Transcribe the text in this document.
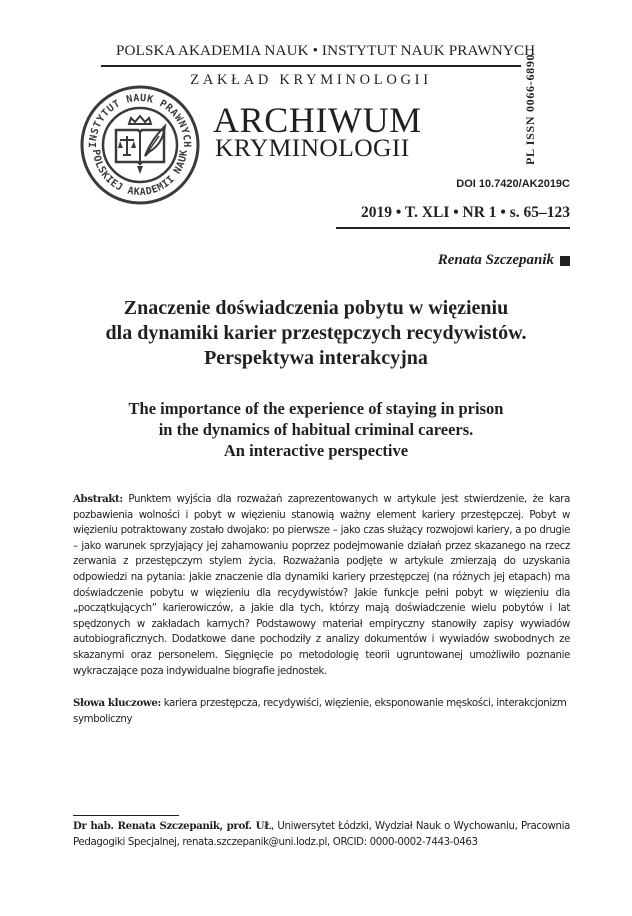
POLSKA AKADEMIA NAUK • INSTYTUT NAUK PRAWNYCH
ZAKŁAD KRYMINOLOGII
INSTYTUT NAUK PRAWNYCH
POLSKIEJ AKADEMII NAUK
ARCHIWUM
KRYMINOLOGII	PL ISSN 0066-6890
DOI 10.7420/AK2019C
2019 • T. XLI • NR 1 • s. 65–123
Renata Szczepanik
Znaczenie doświadczenia pobytu w więzieniu
dla dynamiki karier przestępczych recydywistów.
Perspektywa interakcyjna
The importance of the experience of staying in prison
in the dynamics of habitual criminal careers.
An interactive perspective
Abstrakt: Punktem wyjścia dla rozważań zaprezentowanych w artykule jest stwierdzenie, że kara pozbawienia wolności i pobyt w więzieniu stanowią ważny element kariery przestępczej. Pobyt w więzieniu potraktowany zostało dwojako: po pierwsze – jako czas służący rozwojowi kariery, a po drugie – jako warunek sprzyjający jej zahamowaniu poprzez podejmowanie działań przez skazanego na rzecz zerwania z przestępczym stylem życia. Rozważania podjęte w artykule zmierzają do uzyskania odpowiedzi na pytania: jakie znaczenie dla dynamiki kariery przestępczej (na różnych jej etapach) ma doświadczenie pobytu w więzieniu dla recydywistów? Jakie funkcje pełni pobyt w więzieniu dla „początkujących” karierowiczów, a jakie dla tych, którzy mają doświadczenie wielu pobytów i lat spędzonych w zakładach karnych? Podstawowy materiał empiryczny stanowiły zapisy wywiadów autobiograficznych. Dodatkowe dane pochodziły z analizy dokumentów i wywiadów swobodnych ze skazanymi oraz personelem. Sięgnięcie po metodologię teorii ugruntowanej umożliwiło poznanie wykraczające poza indywidualne biografie jednostek.
Słowa kluczowe: kariera przestępcza, recydywiści, więzienie, eksponowanie męskości, interakcjonizm symboliczny
Dr hab. Renata Szczepanik, prof. UŁ, Uniwersytet Łódzki, Wydział Nauk o Wychowaniu, Pracownia Pedagogiki Specjalnej, renata.szczepanik@uni.lodz.pl, ORCID: 0000-0002-7443-0463
